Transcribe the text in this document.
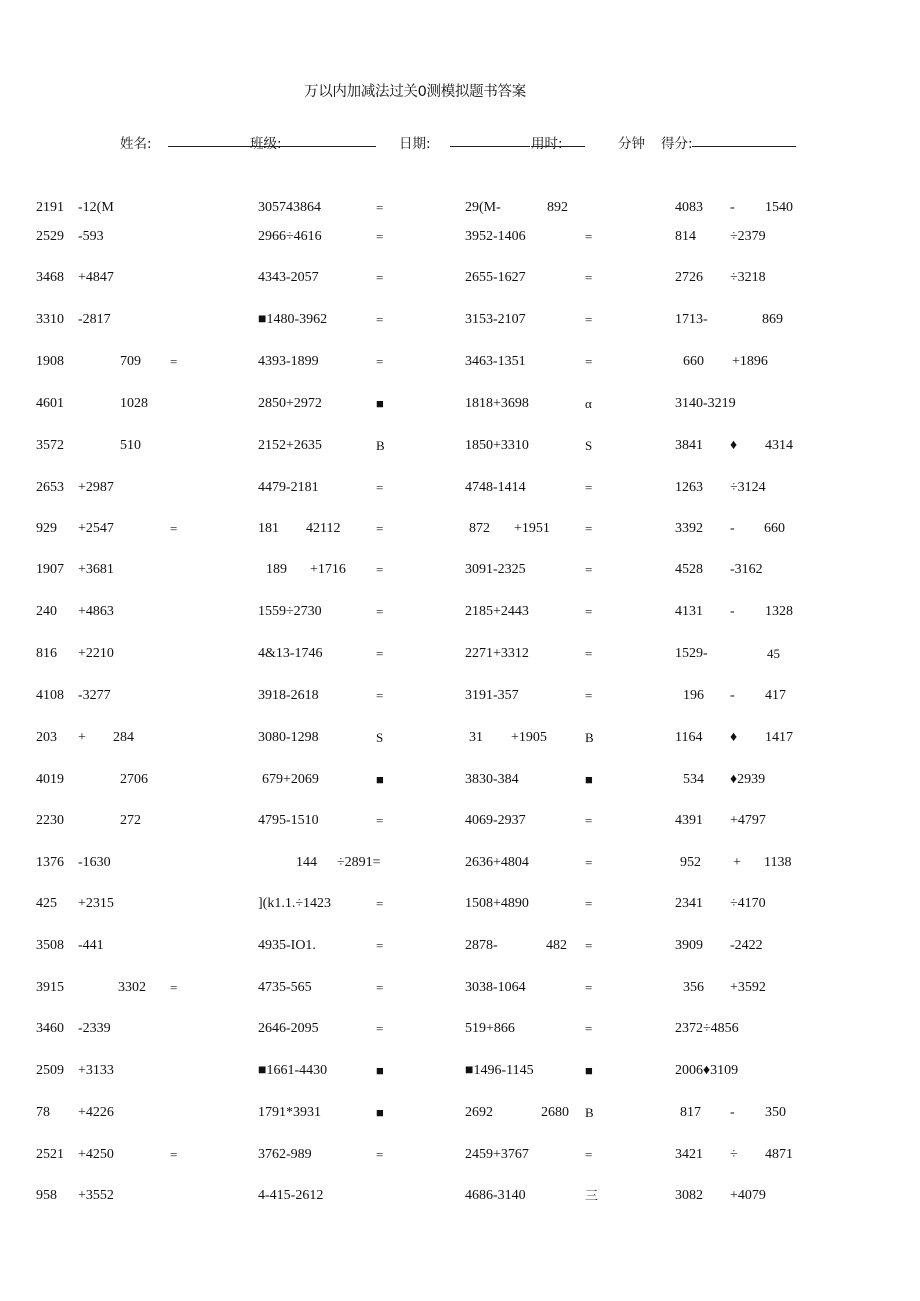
万以内加减法过关0测模拟题书答案
姓名:	班级:	日期:	用时:	分钟 得分:
2191 -12(M	305743864	=	29(M-	892	4083 - 1540
2529 -593	2966÷4616	=	3952-1406	=	814 ÷2379
3468 +4847	4343-2057	=	2655-1627	=	2726 ÷3218
3310 -2817	■1480-3962	=	3153-2107	=	1713-	869
1908	709 =	4393-1899	=	3463-1351	=	660 +1896
4601	1028	2850+2972	■	1818+3698	α	3140-3219
3572	510	2152+2635	B	1850+3310	S	3841 ♦ 4314
2653 +2987	4479-2181	=	4748-1414	=	1263 ÷3124
929 +2547	=	181 42112	=	872 +1951	=	3392 - 660
1907 +3681	189 +1716 =	3091-2325	=	4528 -3162
240 +4863	1559÷2730	=	2185+2443	=	4131 - 1328
816 +2210	4&13-1746	=	2271+3312	=	1529-	45
4108 -3277	3918-2618	=	3191-357	=	196 - 417
203 + 284	3080-1298	S	31 +1905	B	1164 ♦ 1417
4019	2706	679+2069	■	3830-384	■	534 ♦2939
2230	272	4795-1510	=	4069-2937	=	4391 +4797
1376 -1630	144 ÷2891=	2636+4804	=	952 + 1138
425 +2315	](k1.1.÷1423	=	1508+4890	=	2341 ÷4170
3508 -441	4935-IO1.	=	2878-	482 =	3909 -2422
3915	3302 =	4735-565	=	3038-1064	=	356 +3592
3460 -2339	2646-2095	=	519+866	=	2372÷4856
2509 +3133	■1661-4430	■	■1496-1145	■	2006♦3109
78 +4226	1791*3931	■	2692	2680 B	817 - 350
2521 +4250	=	3762-989	=	2459+3767	=	3421 ÷ 4871
958 +3552	4-415-2612	4686-3140	三	3082 +4079
